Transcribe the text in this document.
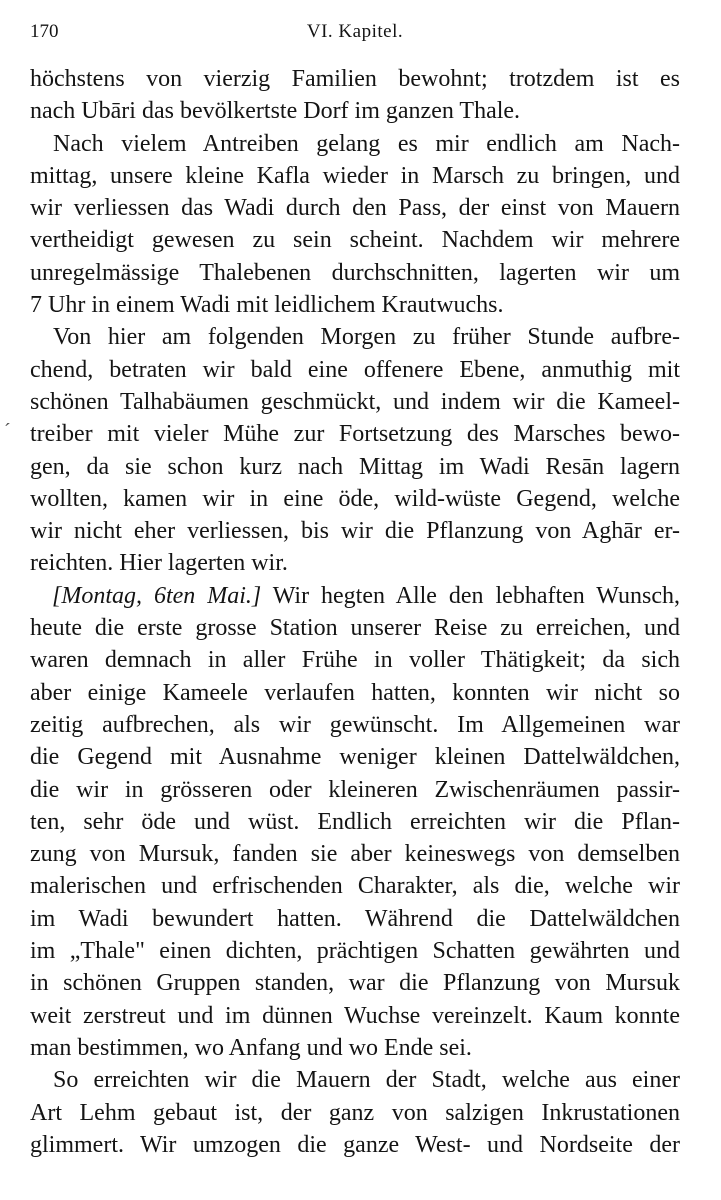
170	VI. Kapitel.
ˊ
höchstens von vierzig Familien bewohnt; trotzdem ist es
nach Ubāri das bevölkertste Dorf im ganzen Thale.
Nach vielem Antreiben gelang es mir endlich am Nach-
mittag, unsere kleine Kafla wieder in Marsch zu bringen, und
wir verliessen das Wadi durch den Pass, der einst von Mauern
vertheidigt gewesen zu sein scheint. Nachdem wir mehrere
unregelmässige Thalebenen durchschnitten, lagerten wir um
7 Uhr in einem Wadi mit leidlichem Krautwuchs.
Von hier am folgenden Morgen zu früher Stunde aufbre-
chend, betraten wir bald eine offenere Ebene, anmuthig mit
schönen Talhabäumen geschmückt, und indem wir die Kameel-
treiber mit vieler Mühe zur Fortsetzung des Marsches bewo-
gen, da sie schon kurz nach Mittag im Wadi Resān lagern
wollten, kamen wir in eine öde, wild-wüste Gegend, welche
wir nicht eher verliessen, bis wir die Pflanzung von Aghār er-
reichten. Hier lagerten wir.
[Montag, 6ten Mai.] Wir hegten Alle den lebhaften Wunsch,
heute die erste grosse Station unserer Reise zu erreichen, und
waren demnach in aller Frühe in voller Thätigkeit; da sich
aber einige Kameele verlaufen hatten, konnten wir nicht so
zeitig aufbrechen, als wir gewünscht. Im Allgemeinen war
die Gegend mit Ausnahme weniger kleinen Dattelwäldchen,
die wir in grösseren oder kleineren Zwischenräumen passir-
ten, sehr öde und wüst. Endlich erreichten wir die Pflan-
zung von Mursuk, fanden sie aber keineswegs von demselben
malerischen und erfrischenden Charakter, als die, welche wir
im Wadi bewundert hatten. Während die Dattelwäldchen
im „Thale" einen dichten, prächtigen Schatten gewährten und
in schönen Gruppen standen, war die Pflanzung von Mursuk
weit zerstreut und im dünnen Wuchse vereinzelt. Kaum konnte
man bestimmen, wo Anfang und wo Ende sei.
So erreichten wir die Mauern der Stadt, welche aus einer
Art Lehm gebaut ist, der ganz von salzigen Inkrustationen
glimmert. Wir umzogen die ganze West- und Nordseite der
